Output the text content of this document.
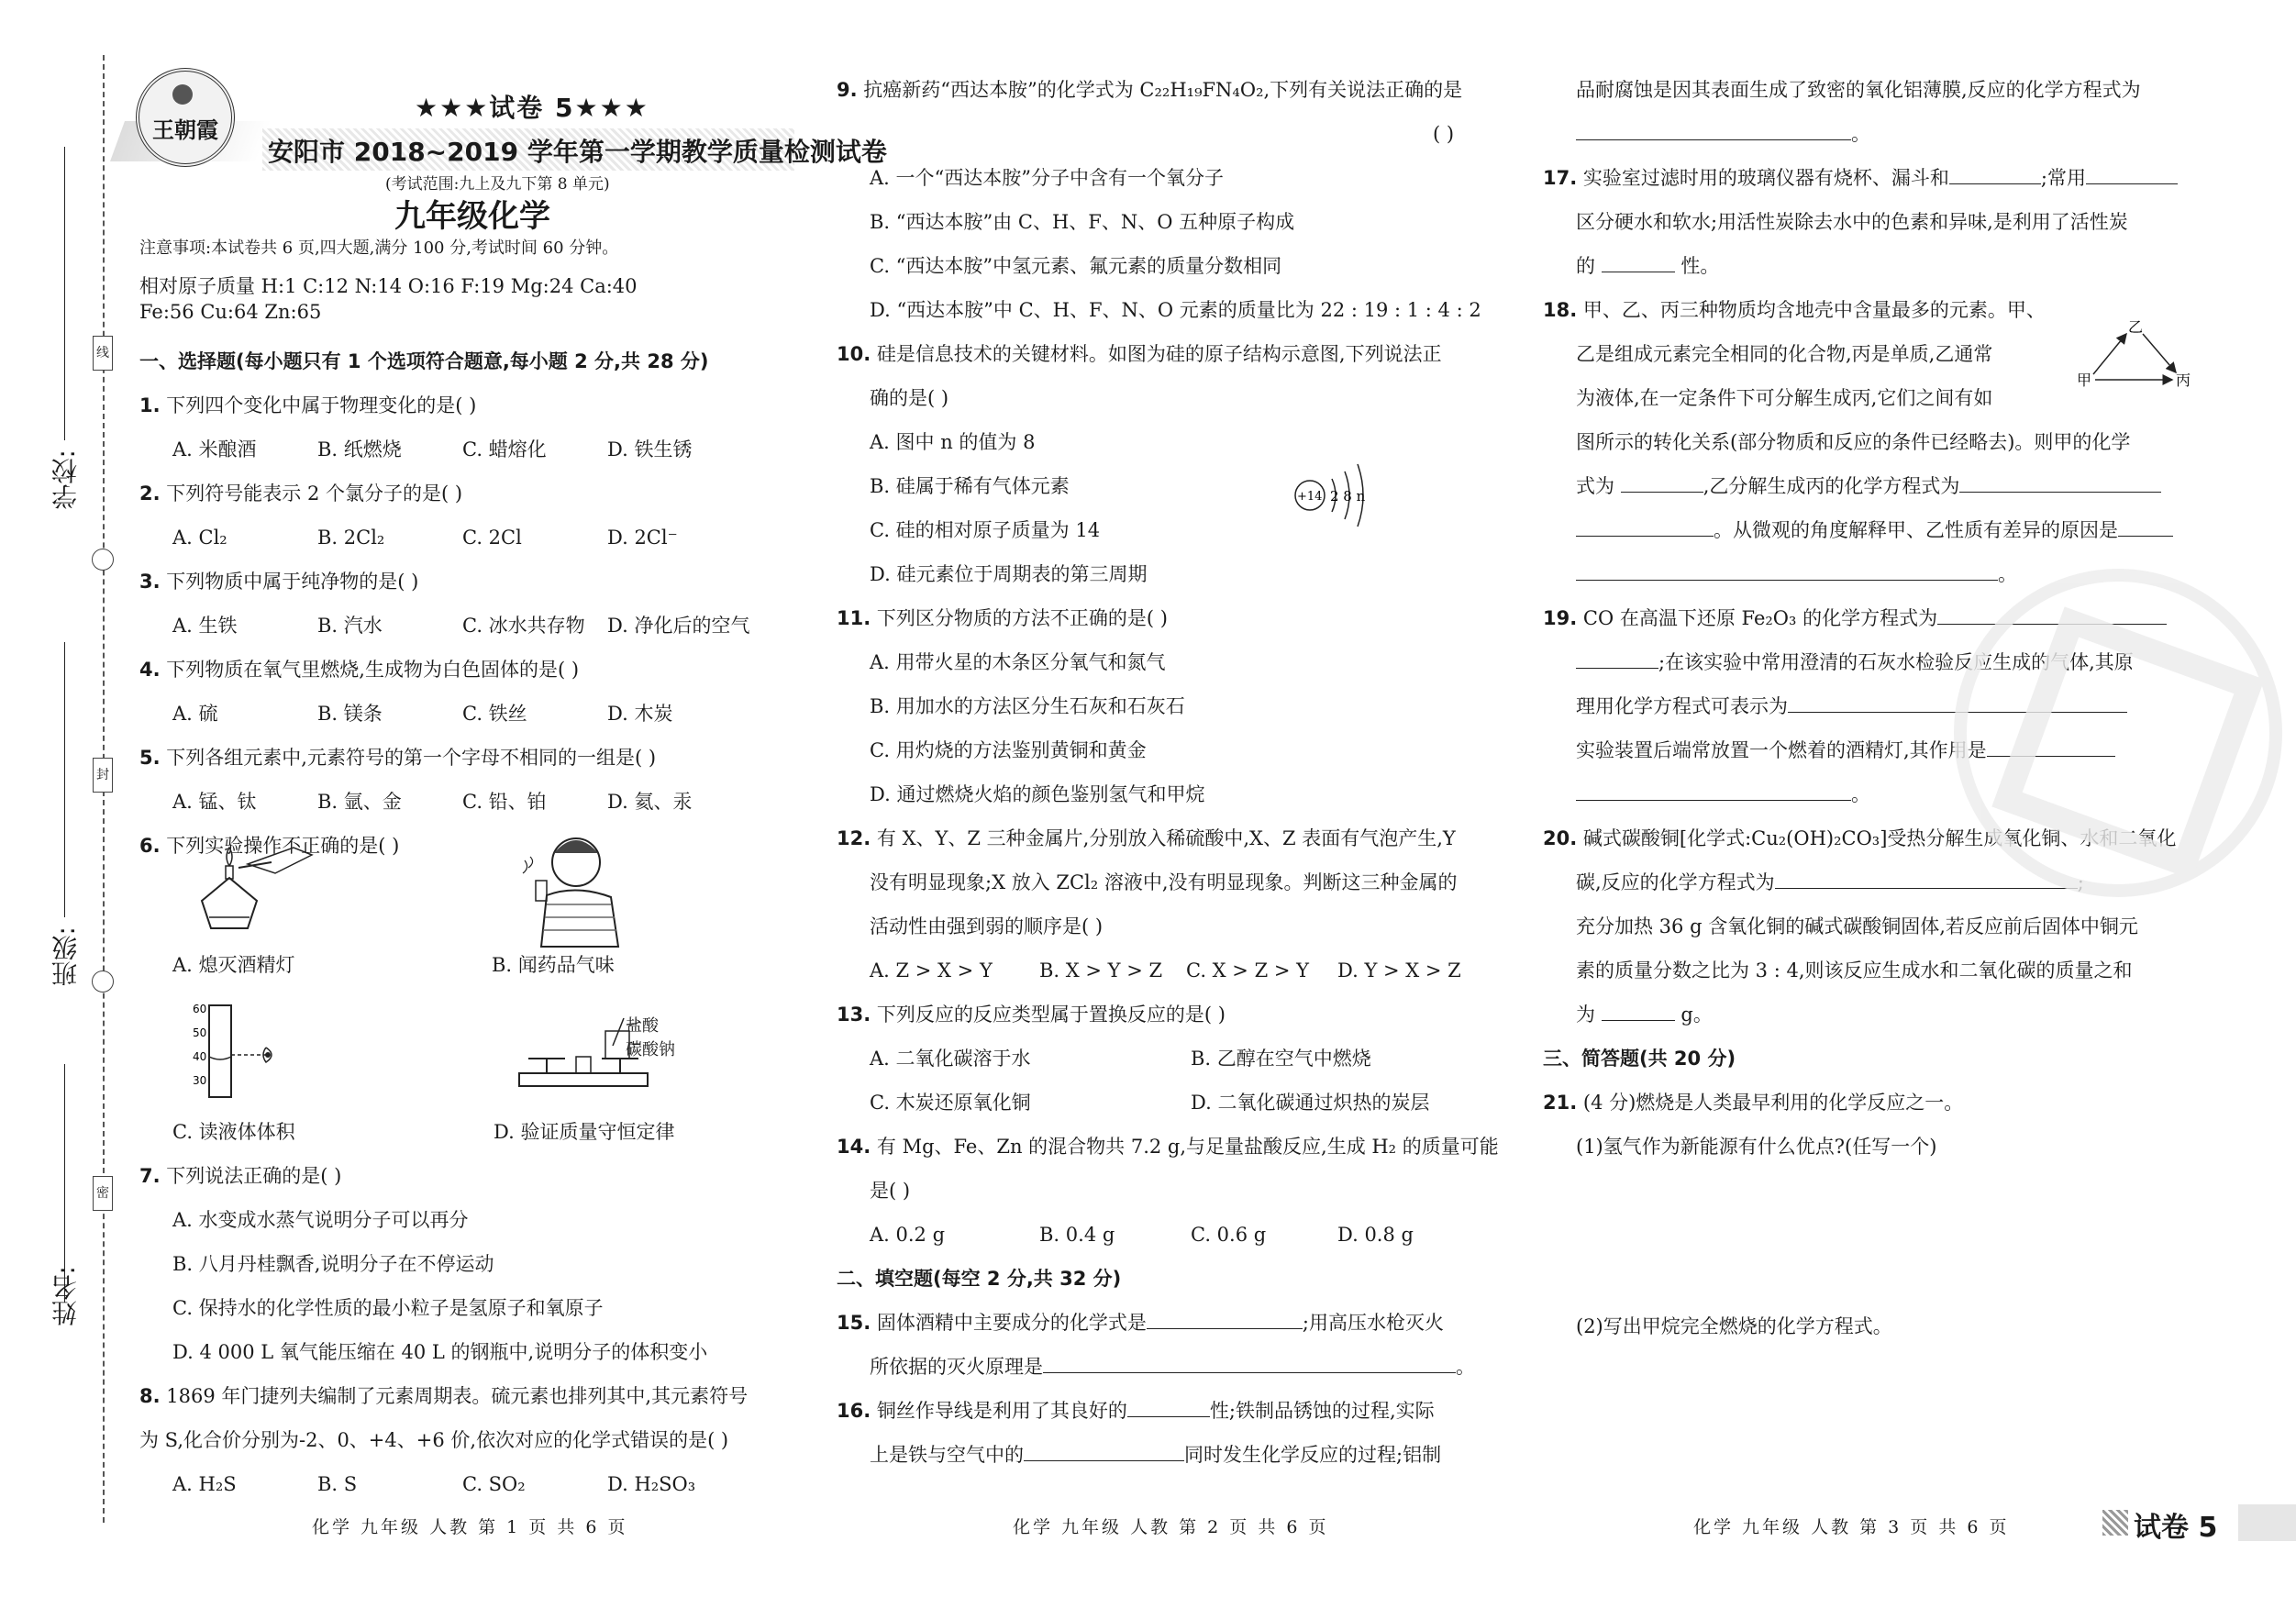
线
封
密
学校:
班级:
姓名:
王朝霞
★★★试卷 5★★★
安阳市 2018~2019 学年第一学期教学质量检测试卷
(考试范围:九上及九下第 8 单元)
九年级化学
注意事项:本试卷共 6 页,四大题,满分 100 分,考试时间 60 分钟。
相对原子质量 H:1 C:12 N:14 O:16 F:19 Mg:24 Ca:40
Fe:56 Cu:64 Zn:65

一、选择题(每小题只有 1 个选项符合题意,每小题 2 分,共 28 分)

1. 下列四个变化中属于物理变化的是( )

A. 米酿酒	B. 纸燃烧	C. 蜡熔化	D. 铁生锈

2. 下列符号能表示 2 个氯分子的是( )

A. Cl₂	B. 2Cl₂	C. 2Cl	D. 2Cl⁻

3. 下列物质中属于纯净物的是( )

A. 生铁	B. 汽水	C. 冰水共存物	D. 净化后的空气

4. 下列物质在氧气里燃烧,生成物为白色固体的是( )

A. 硫	B. 镁条	C. 铁丝	D. 木炭

5. 下列各组元素中,元素符号的第一个字母不相同的一组是( )

A. 锰、钛	B. 氩、金	C. 铅、铂	D. 氦、汞

6. 下列实验操作不正确的是( )

A. 熄灭酒精灯	B. 闻药品气味

60
50
40
30
盐酸
碳酸钠

C. 读液体体积	D. 验证质量守恒定律

7. 下列说法正确的是( )

A. 水变成水蒸气说明分子可以再分

B. 八月丹桂飘香,说明分子在不停运动

C. 保持水的化学性质的最小粒子是氢原子和氧原子

D. 4 000 L 氧气能压缩在 40 L 的钢瓶中,说明分子的体积变小

8. 1869 年门捷列夫编制了元素周期表。硫元素也排列其中,其元素符号

为 S,化合价分别为-2、0、+4、+6 价,依次对应的化学式错误的是( )

A. H₂S	B. S	C. SO₂	D. H₂SO₃

9. 抗癌新药“西达本胺”的化学式为 C₂₂H₁₉FN₄O₂,下列有关说法正确的是

( )

A. 一个“西达本胺”分子中含有一个氧分子

B. “西达本胺”由 C、H、F、N、O 五种原子构成

C. “西达本胺”中氢元素、氟元素的质量分数相同

D. “西达本胺”中 C、H、F、N、O 元素的质量比为 22 : 19 : 1 : 4 : 2

10. 硅是信息技术的关键材料。如图为硅的原子结构示意图,下列说法正

确的是( )

A. 图中 n 的值为 8

B. 硅属于稀有气体元素

C. 硅的相对原子质量为 14

D. 硅元素位于周期表的第三周期

11. 下列区分物质的方法不正确的是( )

A. 用带火星的木条区分氧气和氮气

B. 用加水的方法区分生石灰和石灰石

C. 用灼烧的方法鉴别黄铜和黄金

D. 通过燃烧火焰的颜色鉴别氢气和甲烷

12. 有 X、Y、Z 三种金属片,分别放入稀硫酸中,X、Z 表面有气泡产生,Y

没有明显现象;X 放入 ZCl₂ 溶液中,没有明显现象。判断这三种金属的

活动性由强到弱的顺序是( )

A. Z > X > Y	B. X > Y > Z	C. X > Z > Y	D. Y > X > Z

13. 下列反应的反应类型属于置换反应的是( )

A. 二氧化碳溶于水	B. 乙醇在空气中燃烧

C. 木炭还原氧化铜	D. 二氧化碳通过炽热的炭层

14. 有 Mg、Fe、Zn 的混合物共 7.2 g,与足量盐酸反应,生成 H₂ 的质量可能

是( )

A. 0.2 g	B. 0.4 g	C. 0.6 g	D. 0.8 g

二、填空题(每空 2 分,共 32 分)

15. 固体酒精中主要成分的化学式是	;用高压水枪灭火

所依据的灭火原理是	。

16. 铜丝作导线是利用了其良好的	性;铁制品锈蚀的过程,实际

上是铁与空气中的	同时发生化学反应的过程;铝制

+14 2 8 n

品耐腐蚀是因其表面生成了致密的氧化铝薄膜,反应的化学方程式为

。

17. 实验室过滤时用的玻璃仪器有烧杯、漏斗和	;常用

区分硬水和软水;用活性炭除去水中的色素和异味,是利用了活性炭

的	性。

18. 甲、乙、丙三种物质均含地壳中含量最多的元素。甲、

乙是组成元素完全相同的化合物,丙是单质,乙通常

为液体,在一定条件下可分解生成丙,它们之间有如

图所示的转化关系(部分物质和反应的条件已经略去)。则甲的化学

式为	,乙分解生成丙的化学方程式为

。从微观的角度解释甲、乙性质有差异的原因是

。

19. CO 在高温下还原 Fe₂O₃ 的化学方程式为

;在该实验中常用澄清的石灰水检验反应生成的气体,其原

理用化学方程式可表示为

实验装置后端常放置一个燃着的酒精灯,其作用是

。

20. 碱式碳酸铜[化学式:Cu₂(OH)₂CO₃]受热分解生成氧化铜、水和二氧化

碳,反应的化学方程式为	;

充分加热 36 g 含氧化铜的碱式碳酸铜固体,若反应前后固体中铜元

素的质量分数之比为 3 : 4,则该反应生成水和二氧化碳的质量之和

为	g。

三、简答题(共 20 分)

21. (4 分)燃烧是人类最早利用的化学反应之一。

(1)氢气作为新能源有什么优点?(任写一个)

(2)写出甲烷完全燃烧的化学方程式。

乙
甲	丙
化学 九年级 人教 第 1 页 共 6 页	化学 九年级 人教 第 2 页 共 6 页	化学 九年级 人教 第 3 页 共 6 页	试卷 5
